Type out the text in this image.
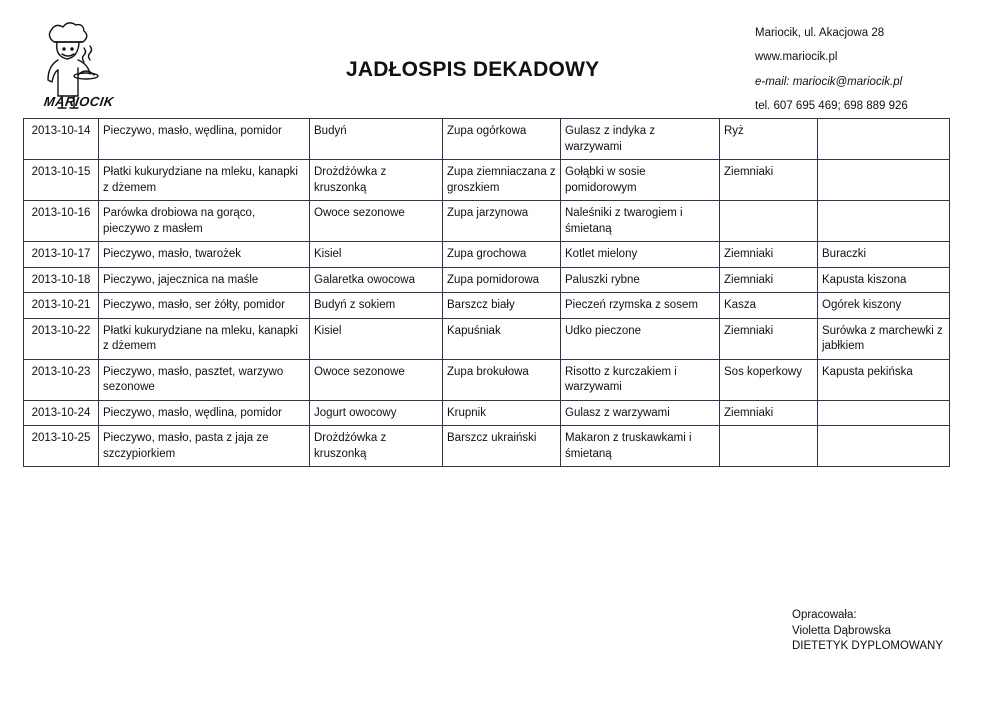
MARIOCIK
JADŁOSPIS DEKADOWY
Mariocik, ul. Akacjowa 28
www.mariocik.pl
e-mail: mariocik@mariocik.pl
tel. 607 695 469; 698 889 926
2013-10-14	Pieczywo, masło, wędlina, pomidor	Budyń	Zupa ogórkowa	Gulasz z indyka z warzywami	Ryż	
2013-10-15	Płatki kukurydziane na mleku, kanapki z dżemem	Drożdżówka z kruszonką	Zupa ziemniaczana z groszkiem	Gołąbki w sosie pomidorowym	Ziemniaki	
2013-10-16	Parówka drobiowa na gorąco, pieczywo z masłem	Owoce sezonowe	Zupa jarzynowa	Naleśniki z twarogiem i śmietaną		
2013-10-17	Pieczywo, masło, twarożek	Kisiel	Zupa grochowa	Kotlet mielony	Ziemniaki	Buraczki
2013-10-18	Pieczywo, jajecznica na maśle	Galaretka owocowa	Zupa pomidorowa	Paluszki rybne	Ziemniaki	Kapusta kiszona
2013-10-21	Pieczywo, masło, ser żółty, pomidor	Budyń z sokiem	Barszcz biały	Pieczeń rzymska z sosem	Kasza	Ogórek kiszony
2013-10-22	Płatki kukurydziane na mleku, kanapki z dżemem	Kisiel	Kapuśniak	Udko pieczone	Ziemniaki	Surówka z marchewki z jabłkiem
2013-10-23	Pieczywo, masło, pasztet, warzywo sezonowe	Owoce sezonowe	Zupa brokułowa	Risotto z kurczakiem i warzywami	Sos koperkowy	Kapusta pekińska
2013-10-24	Pieczywo, masło, wędlina, pomidor	Jogurt owocowy	Krupnik	Gulasz z warzywami	Ziemniaki	
2013-10-25	Pieczywo, masło, pasta z jaja ze szczypiorkiem	Drożdżówka z kruszonką	Barszcz ukraiński	Makaron z truskawkami i śmietaną		
Opracowała:
Violetta Dąbrowska
DIETETYK DYPLOMOWANY
